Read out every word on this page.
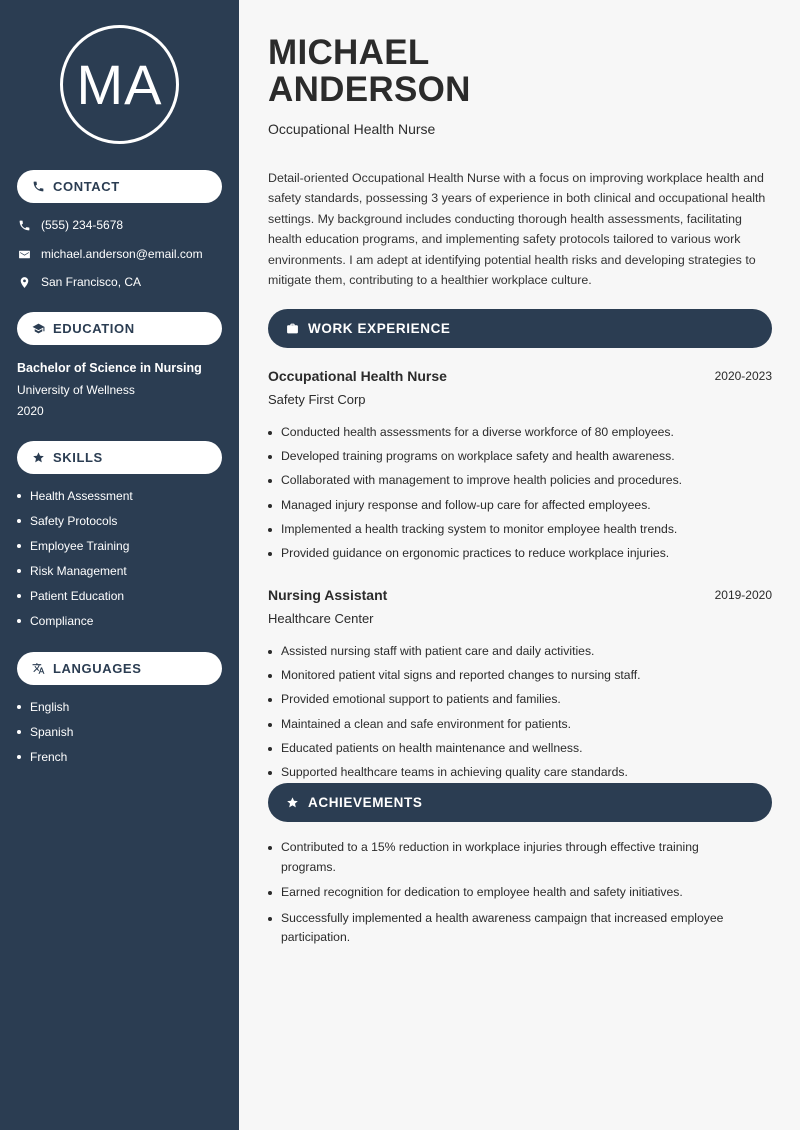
MA
CONTACT
(555) 234-5678
michael.anderson@email.com
San Francisco, CA
EDUCATION
Bachelor of Science in Nursing
University of Wellness
2020
SKILLS
Health Assessment
Safety Protocols
Employee Training
Risk Management
Patient Education
Compliance
LANGUAGES
English
Spanish
French
MICHAEL
ANDERSON
Occupational Health Nurse

Detail-oriented Occupational Health Nurse with a focus on improving workplace health and safety standards, possessing 3 years of experience in both clinical and occupational health settings. My background includes conducting thorough health assessments, facilitating health education programs, and implementing safety protocols tailored to various work environments. I am adept at identifying potential health risks and developing strategies to mitigate them, contributing to a healthier workplace culture.

WORK EXPERIENCE
Occupational Health Nurse	2020-2023
Safety First Corp
Conducted health assessments for a diverse workforce of 80 employees.
Developed training programs on workplace safety and health awareness.
Collaborated with management to improve health policies and procedures.
Managed injury response and follow-up care for affected employees.
Implemented a health tracking system to monitor employee health trends.
Provided guidance on ergonomic practices to reduce workplace injuries.
Nursing Assistant	2019-2020
Healthcare Center
Assisted nursing staff with patient care and daily activities.
Monitored patient vital signs and reported changes to nursing staff.
Provided emotional support to patients and families.
Maintained a clean and safe environment for patients.
Educated patients on health maintenance and wellness.
Supported healthcare teams in achieving quality care standards.
ACHIEVEMENTS
Contributed to a 15% reduction in workplace injuries through effective training programs.
Earned recognition for dedication to employee health and safety initiatives.
Successfully implemented a health awareness campaign that increased employee participation.
